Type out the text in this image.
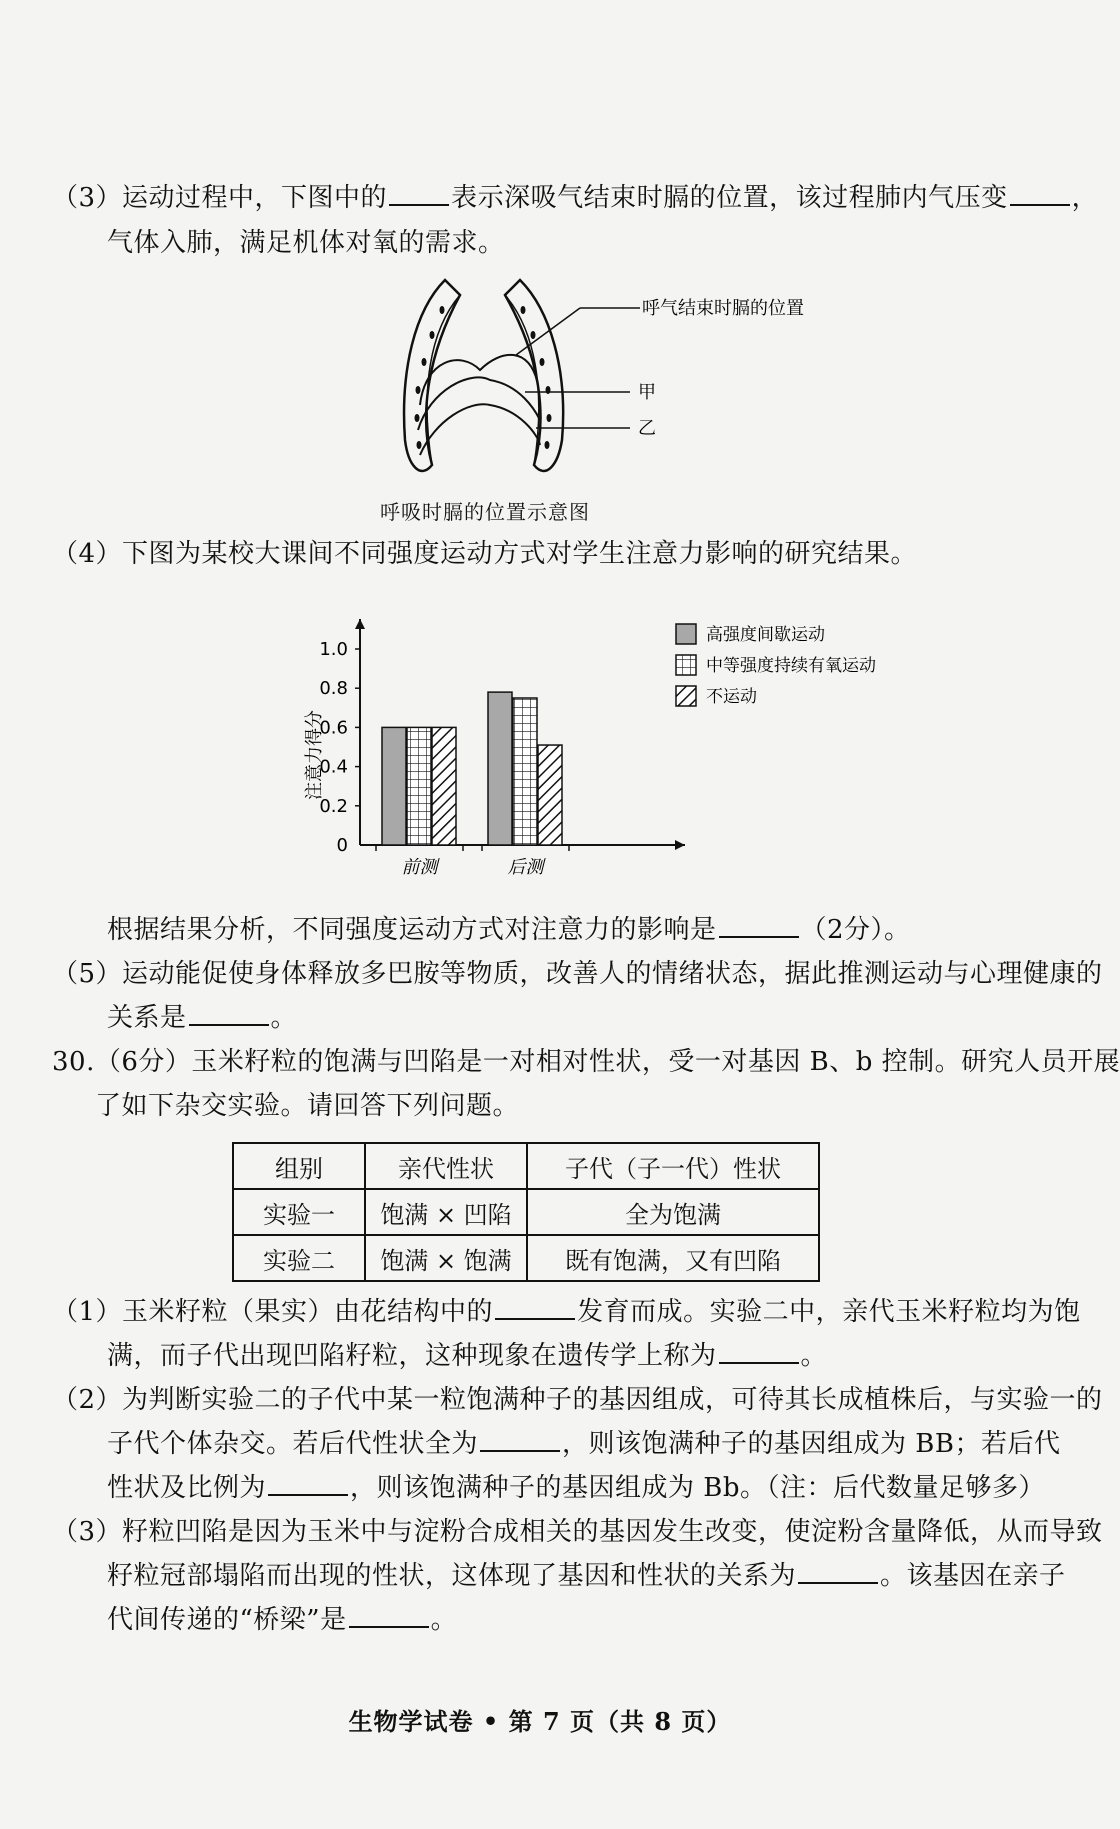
（3）运动过程中，下图中的 表示深吸气结束时膈的位置，该过程肺内气压变 ，
气体入肺，满足机体对氧的需求。
呼气结束时膈的位置
甲
乙
呼吸时膈的位置示意图
（4）下图为某校大课间不同强度运动方式对学生注意力影响的研究结果。
注意力得分
0
0.2
0.4
0.6
0.8
1.0
前测	后测
高强度间歇运动
中等强度持续有氧运动
不运动
根据结果分析，不同强度运动方式对注意力的影响是	（2分）。
（5）运动能促使身体释放多巴胺等物质，改善人的情绪状态，据此推测运动与心理健康的
关系是	。
30.（6分）玉米籽粒的饱满与凹陷是一对相对性状，受一对基因 B、b 控制。研究人员开展
了如下杂交实验。请回答下列问题。
组别	亲代性状	子代（子一代）性状
实验一	饱满 × 凹陷	全为饱满
实验二	饱满 × 饱满	既有饱满，又有凹陷
（1）玉米籽粒（果实）由花结构中的	发育而成。实验二中，亲代玉米籽粒均为饱
满，而子代出现凹陷籽粒，这种现象在遗传学上称为	。
（2）为判断实验二的子代中某一粒饱满种子的基因组成，可待其长成植株后，与实验一的
子代个体杂交。若后代性状全为	，则该饱满种子的基因组成为 BB；若后代
性状及比例为	，则该饱满种子的基因组成为 Bb。（注：后代数量足够多）
（3）籽粒凹陷是因为玉米中与淀粉合成相关的基因发生改变，使淀粉含量降低，从而导致
籽粒冠部塌陷而出现的性状，这体现了基因和性状的关系为	。该基因在亲子
代间传递的“桥梁”是	。
生物学试卷 • 第 7 页（共 8 页）
